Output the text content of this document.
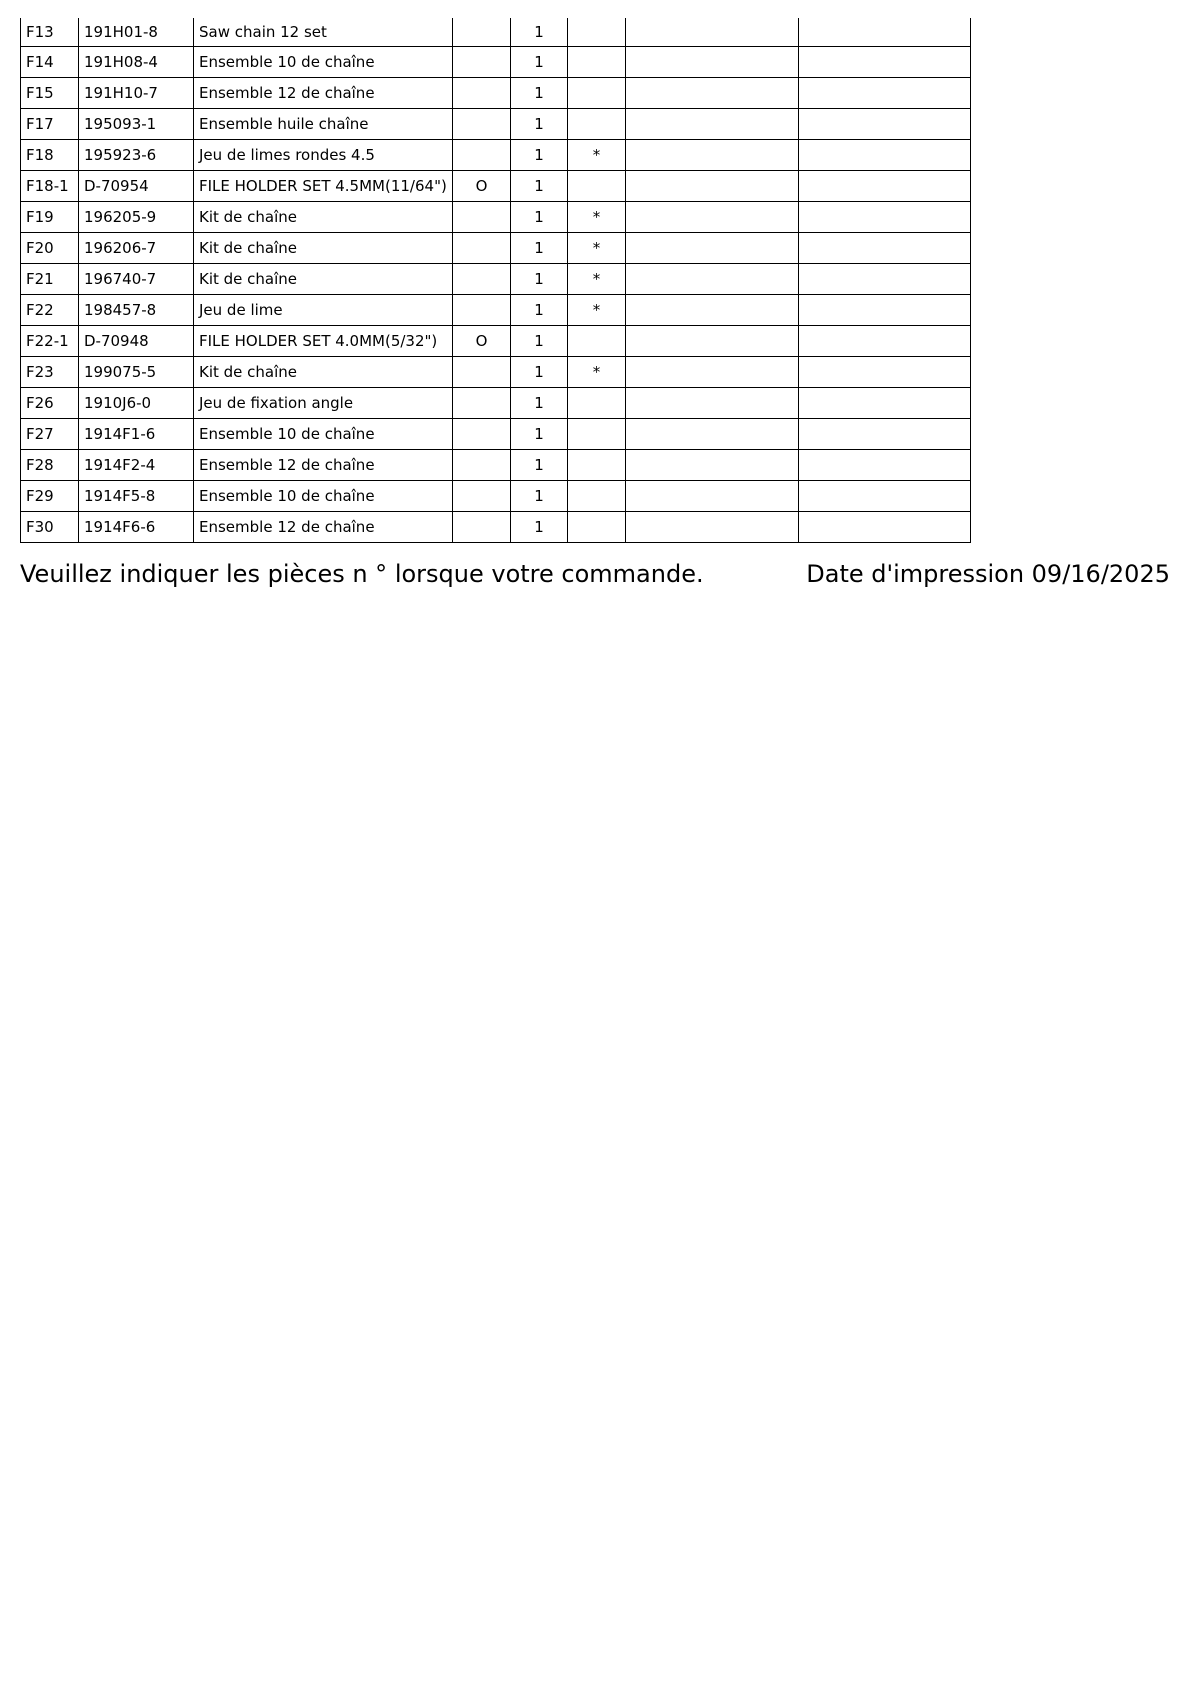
F13	191H01-8	Saw chain 12 set		1			
F14	191H08-4	Ensemble 10 de chaîne		1			
F15	191H10-7	Ensemble 12 de chaîne		1			
F17	195093-1	Ensemble huile chaîne		1			
F18	195923-6	Jeu de limes rondes 4.5		1	*		
F18-1	D-70954	FILE HOLDER SET 4.5MM(11/64")	O	1			
F19	196205-9	Kit de chaîne		1	*		
F20	196206-7	Kit de chaîne		1	*		
F21	196740-7	Kit de chaîne		1	*		
F22	198457-8	Jeu de lime		1	*		
F22-1	D-70948	FILE HOLDER SET 4.0MM(5/32")	O	1			
F23	199075-5	Kit de chaîne		1	*		
F26	1910J6-0	Jeu de fixation angle		1			
F27	1914F1-6	Ensemble 10 de chaîne		1			
F28	1914F2-4	Ensemble 12 de chaîne		1			
F29	1914F5-8	Ensemble 10 de chaîne		1			
F30	1914F6-6	Ensemble 12 de chaîne		1			
Veuillez indiquer les pièces n ° lorsque votre commande.	Date d'impression 09/16/2025
